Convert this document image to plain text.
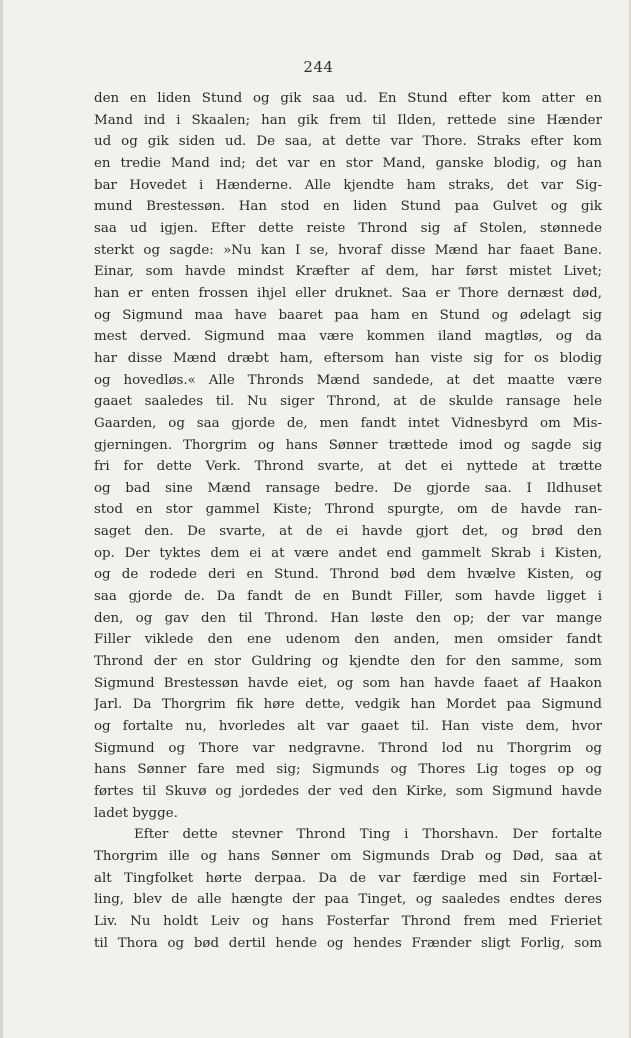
244
den en liden Stund og gik saa ud. En Stund efter kom atter en
Mand ind i Skaalen; han gik frem til Ilden, rettede sine Hænder
ud og gik siden ud. De saa, at dette var Thore. Straks efter kom
en tredie Mand ind; det var en stor Mand, ganske blodig, og han
bar Hovedet i Hænderne. Alle kjendte ham straks, det var Sig-
mund Brestessøn. Han stod en liden Stund paa Gulvet og gik
saa ud igjen. Efter dette reiste Thrond sig af Stolen, stønnede
sterkt og sagde: »Nu kan I se, hvoraf disse Mænd har faaet Bane.
Einar, som havde mindst Kræfter af dem, har først mistet Livet;
han er enten frossen ihjel eller druknet. Saa er Thore dernæst død,
og Sigmund maa have baaret paa ham en Stund og ødelagt sig
mest derved. Sigmund maa være kommen iland magtløs, og da
har disse Mænd dræbt ham, eftersom han viste sig for os blodig
og hovedløs.« Alle Thronds Mænd sandede, at det maatte være
gaaet saaledes til. Nu siger Thrond, at de skulde ransage hele
Gaarden, og saa gjorde de, men fandt intet Vidnesbyrd om Mis-
gjerningen. Thorgrim og hans Sønner trættede imod og sagde sig
fri for dette Verk. Thrond svarte, at det ei nyttede at trætte
og bad sine Mænd ransage bedre. De gjorde saa. I Ildhuset
stod en stor gammel Kiste; Thrond spurgte, om de havde ran-
saget den. De svarte, at de ei havde gjort det, og brød den
op. Der tyktes dem ei at være andet end gammelt Skrab i Kisten,
og de rodede deri en Stund. Thrond bød dem hvælve Kisten, og
saa gjorde de. Da fandt de en Bundt Filler, som havde ligget i
den, og gav den til Thrond. Han løste den op; der var mange
Filler viklede den ene udenom den anden, men omsider fandt
Thrond der en stor Guldring og kjendte den for den samme, som
Sigmund Brestessøn havde eiet, og som han havde faaet af Haakon
Jarl. Da Thorgrim fik høre dette, vedgik han Mordet paa Sigmund
og fortalte nu, hvorledes alt var gaaet til. Han viste dem, hvor
Sigmund og Thore var nedgravne. Thrond lod nu Thorgrim og
hans Sønner fare med sig; Sigmunds og Thores Lig toges op og
førtes til Skuvø og jordedes der ved den Kirke, som Sigmund havde
ladet bygge.
Efter dette stevner Thrond Ting i Thorshavn. Der fortalte
Thorgrim ille og hans Sønner om Sigmunds Drab og Død, saa at
alt Tingfolket hørte derpaa. Da de var færdige med sin Fortæl-
ling, blev de alle hængte der paa Tinget, og saaledes endtes deres
Liv. Nu holdt Leiv og hans Fosterfar Thrond frem med Frieriet
til Thora og bød dertil hende og hendes Frænder sligt Forlig, som
